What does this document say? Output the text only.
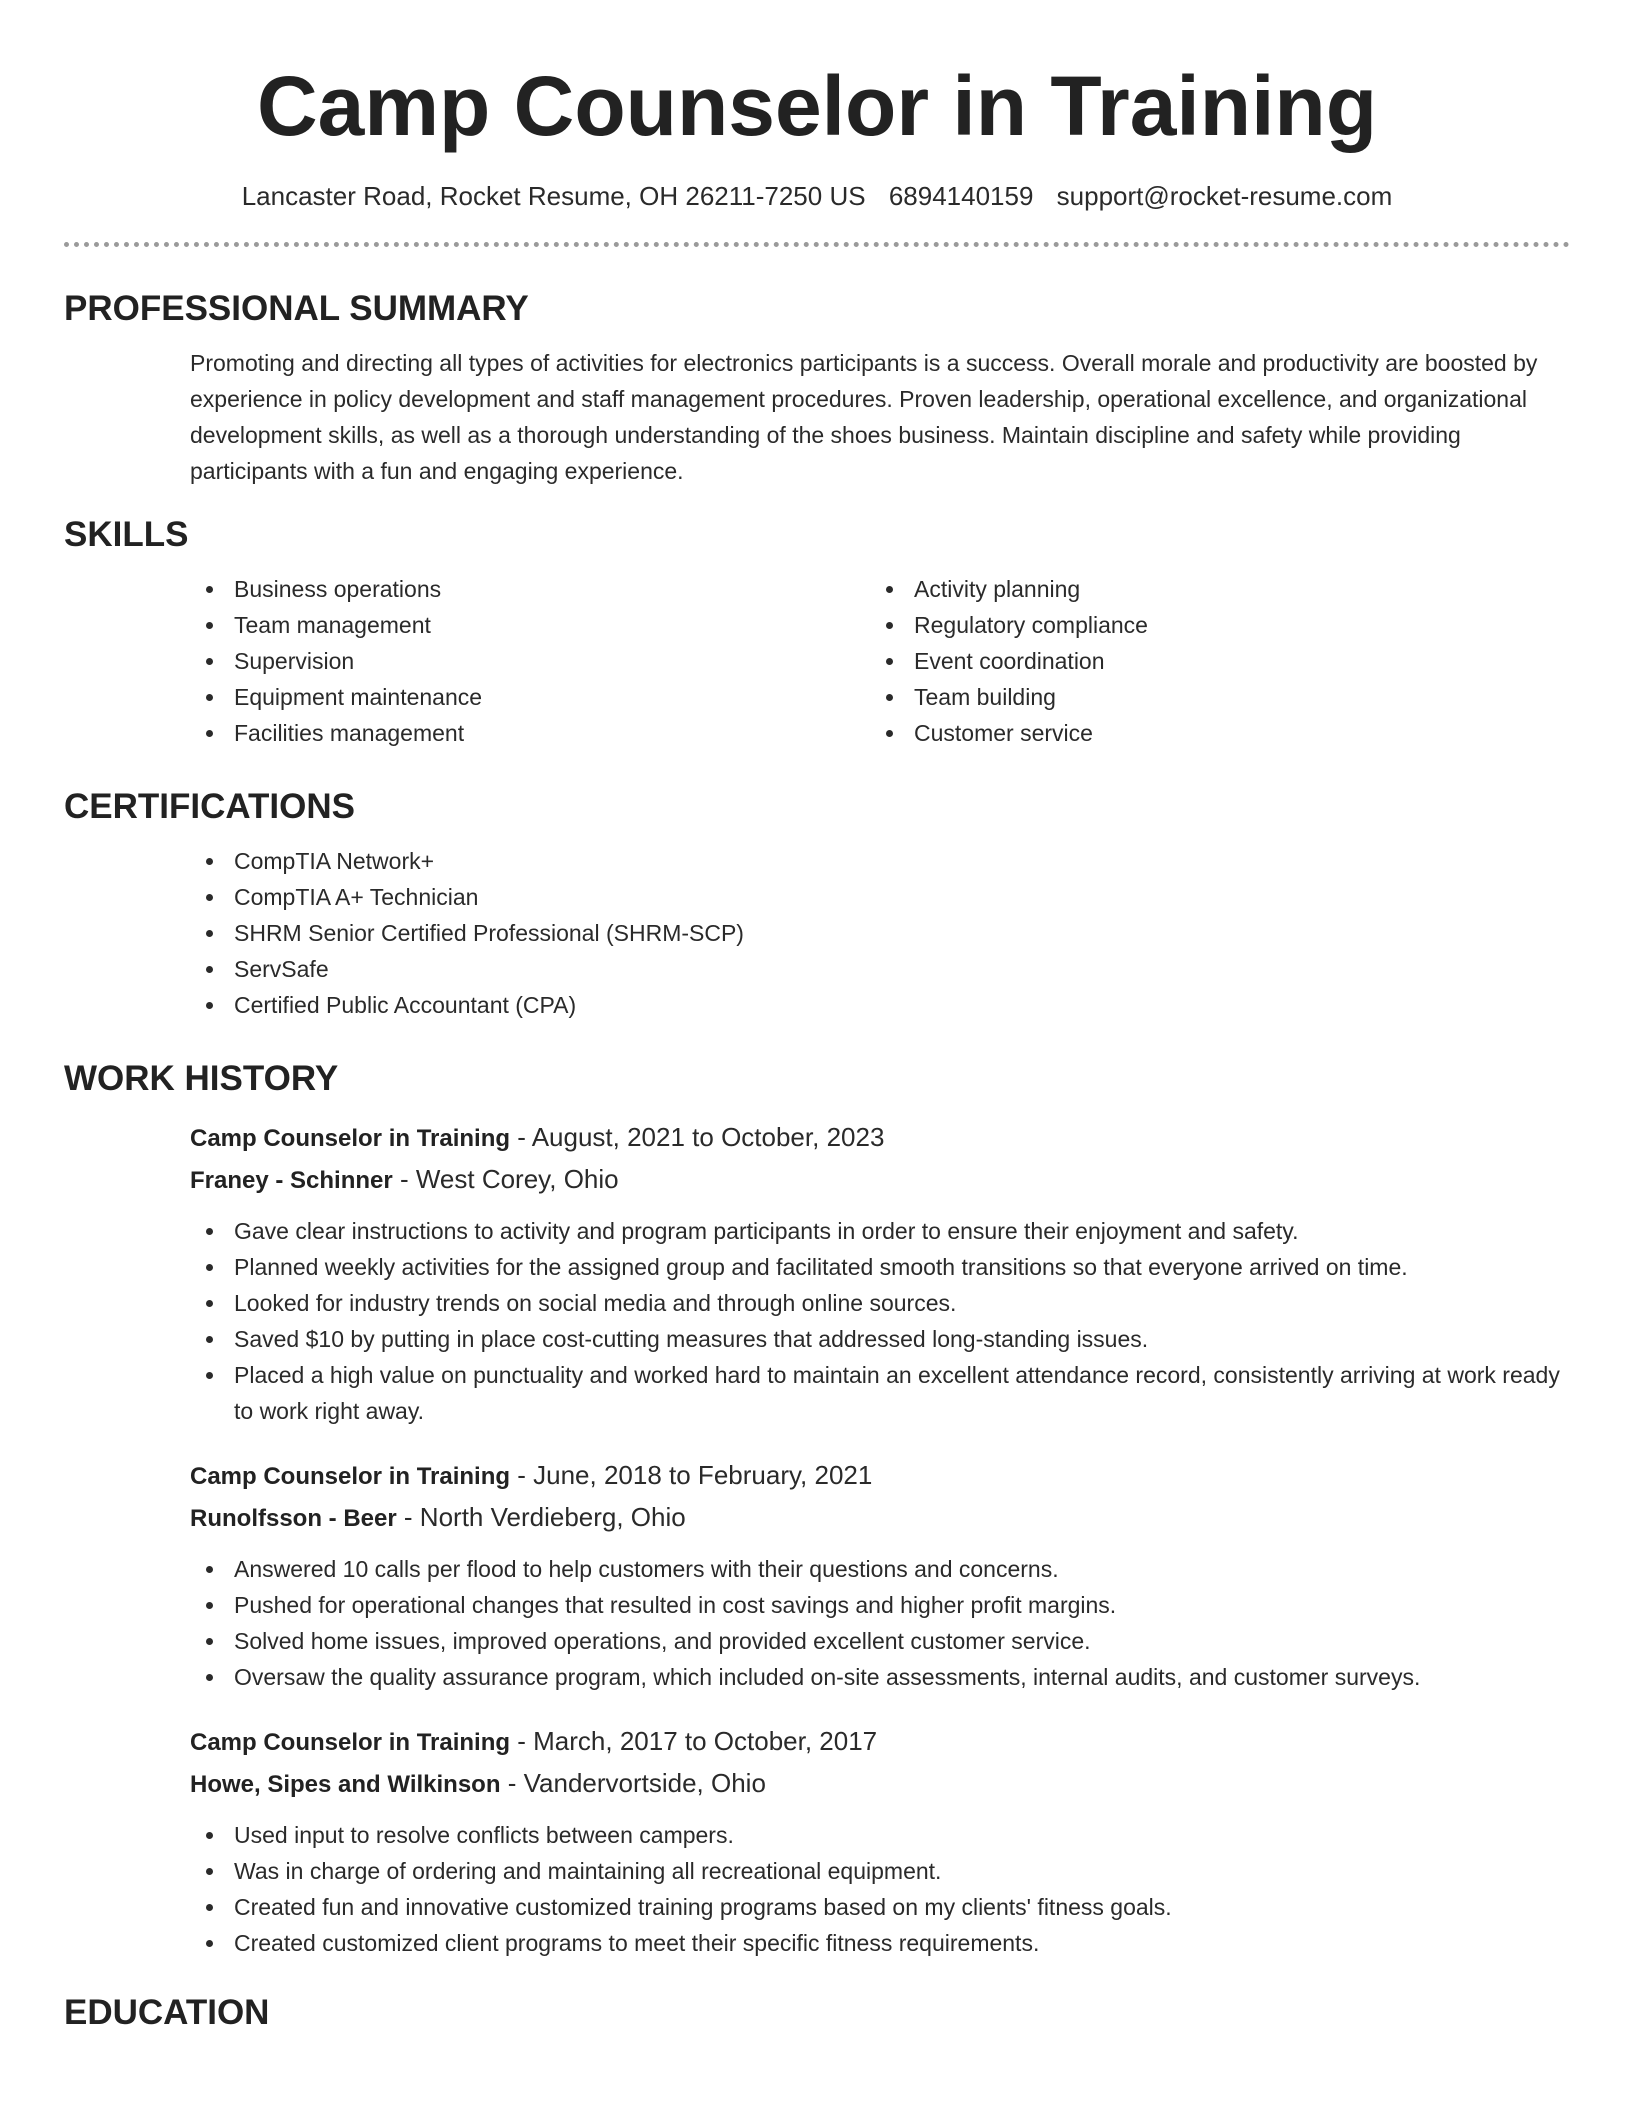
Camp Counselor in Training
Lancaster Road, Rocket Resume, OH 26211-7250 US 6894140159 support@rocket-resume.com
PROFESSIONAL SUMMARY
Promoting and directing all types of activities for electronics participants is a success. Overall morale and productivity are boosted by experience in policy development and staff management procedures. Proven leadership, operational excellence, and organizational development skills, as well as a thorough understanding of the shoes business. Maintain discipline and safety while providing participants with a fun and engaging experience.
SKILLS
Business operations
Team management
Supervision
Equipment maintenance
Facilities management
Activity planning
Regulatory compliance
Event coordination
Team building
Customer service
CERTIFICATIONS
CompTIA Network+
CompTIA A+ Technician
SHRM Senior Certified Professional (SHRM-SCP)
ServSafe
Certified Public Accountant (CPA)
WORK HISTORY
Camp Counselor in Training - August, 2021 to October, 2023
Franey - Schinner - West Corey, Ohio
Gave clear instructions to activity and program participants in order to ensure their enjoyment and safety.
Planned weekly activities for the assigned group and facilitated smooth transitions so that everyone arrived on time.
Looked for industry trends on social media and through online sources.
Saved $10 by putting in place cost-cutting measures that addressed long-standing issues.
Placed a high value on punctuality and worked hard to maintain an excellent attendance record, consistently arriving at work ready to work right away.
Camp Counselor in Training - June, 2018 to February, 2021
Runolfsson - Beer - North Verdieberg, Ohio
Answered 10 calls per flood to help customers with their questions and concerns.
Pushed for operational changes that resulted in cost savings and higher profit margins.
Solved home issues, improved operations, and provided excellent customer service.
Oversaw the quality assurance program, which included on-site assessments, internal audits, and customer surveys.
Camp Counselor in Training - March, 2017 to October, 2017
Howe, Sipes and Wilkinson - Vandervortside, Ohio
Used input to resolve conflicts between campers.
Was in charge of ordering and maintaining all recreational equipment.
Created fun and innovative customized training programs based on my clients' fitness goals.
Created customized client programs to meet their specific fitness requirements.
EDUCATION
